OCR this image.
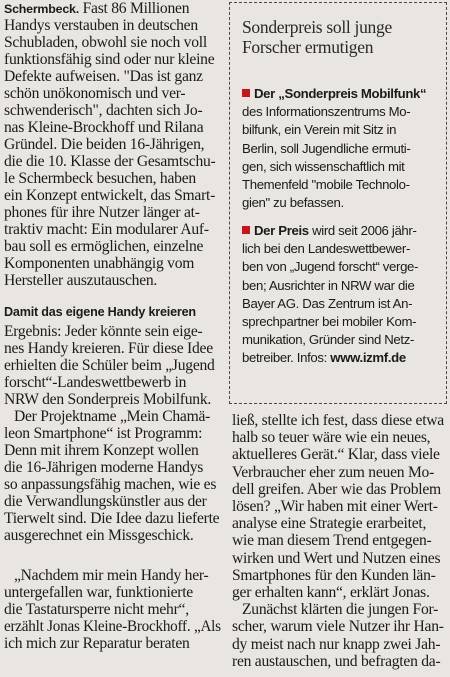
Schermbeck. Fast 86 Millionen
Handys verstauben in deutschen
Schubladen, obwohl sie noch voll
funktionsfähig sind oder nur kleine
Defekte aufweisen. "Das ist ganz
schön unökonomisch und ver-
schwenderisch", dachten sich Jo-
nas Kleine-Brockhoff und Rilana
Gründel. Die beiden 16-Jährigen,
die die 10. Klasse der Gesamtschu-
le Schermbeck besuchen, haben
ein Konzept entwickelt, das Smart-
phones für ihre Nutzer länger at-
traktiv macht: Ein modularer Auf-
bau soll es ermöglichen, einzelne
Komponenten unabhängig vom
Hersteller auszutauschen.
Damit das eigene Handy kreieren
Ergebnis: Jeder könnte sein eige-
nes Handy kreieren. Für diese Idee
erhielten die Schüler beim „Jugend
forscht“-Landeswettbewerb in
NRW den Sonderpreis Mobilfunk.
Der Projektname „Mein Chamä-
leon Smartphone“ ist Programm:
Denn mit ihrem Konzept wollen
die 16-Jährigen moderne Handys
so anpassungsfähig machen, wie es
die Verwandlungskünstler aus der
Tierwelt sind. Die Idee dazu lieferte
ausgerechnet ein Missgeschick.
„Nachdem mir mein Handy her-
untergefallen war, funktionierte
die Tastatursperre nicht mehr“,
erzählt Jonas Kleine-Brockhoff. „Als
ich mich zur Reparatur beraten
Sonderpreis soll junge
Forscher ermutigen
Der „Sonderpreis Mobilfunk“
des Informationszentrums Mo-
bilfunk, ein Verein mit Sitz in
Berlin, soll Jugendliche ermuti-
gen, sich wissenschaftlich mit
Themenfeld "mobile Technolo-
gien" zu befassen.
Der Preis wird seit 2006 jähr-
lich bei den Landeswettbewer-
ben von „Jugend forscht“ verge-
ben; Ausrichter in NRW war die
Bayer AG. Das Zentrum ist An-
sprechpartner bei mobiler Kom-
munikation, Gründer sind Netz-
betreiber. Infos: www.izmf.de
ließ, stellte ich fest, dass diese etwa
halb so teuer wäre wie ein neues,
aktuelleres Gerät.“ Klar, dass viele
Verbraucher eher zum neuen Mo-
dell greifen. Aber wie das Problem
lösen? „Wir haben mit einer Wert-
analyse eine Strategie erarbeitet,
wie man diesem Trend entgegen-
wirken und Wert und Nutzen eines
Smartphones für den Kunden län-
ger erhalten kann“, erklärt Jonas.
Zunächst klärten die jungen For-
scher, warum viele Nutzer ihr Han-
dy meist nach nur knapp zwei Jah-
ren austauschen, und befragten da-
